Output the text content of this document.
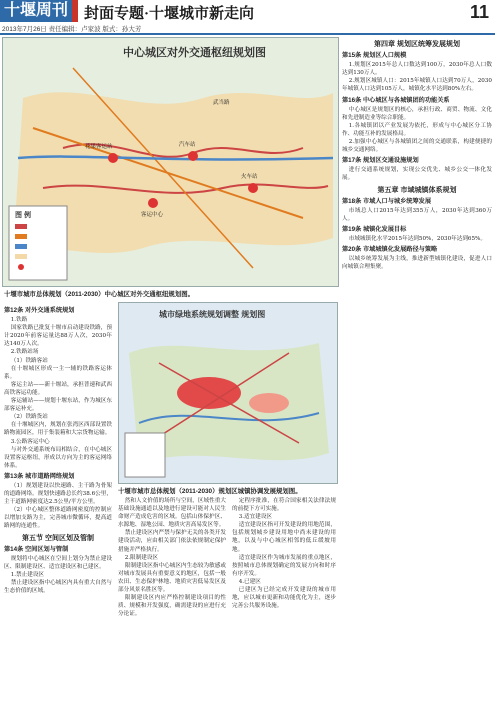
十堰周刊 封面专题·十堰城市新走向	11
2013年7月26日 责任编辑：卢家波 版式：孙大芳
中心城区对外交通枢纽规划图
图 例
花果客运站	汽车站
火车站
客运中心
武当路
十堰市城市总体规划（2011-2030）中心城区对外交通枢纽规划图。
城市绿地系统规划调整 规划图
十堰市城市总体规划（2011-2030）规划区城镇协调发展规划图。
第12条 对外交通系统规划

1.铁路

国家铁路已批复十堰市启动建设铁路，预计2020年前客运量达88万人次，2030年达140万人次。

2.铁路站场

（1）铁路客站

在十堰城区形成一主一辅的铁路客运体系。

客运主站——新十堰站，承担普速和武西高铁客运功能。

客运辅站——规划十堰东站，作为城区东部客运补充。

（2）铁路货站

在十堰城区内，规划在张湾区西部设置铁路物流园区，用于集装箱和大宗货物运输。

3.公路客运中心

与对外交通系统布局相结合，在中心城区设置客运枢纽，形成以方向为主的客运网络体系。

第13条 城市道路网络规划

（1）规划建设以快速路、主干路为骨架的道路网络。规划快速路总长约38.6公里，主干道路网密度达2.5公里/平方公里。

（2）中心城区整体道路网密度的控制应以增加支路为主，完善城市微循环，提高道路网的连通性。

第五节 空间区划及管制
第14条 空间区划与管制

规划将中心城区在空间上划分为禁止建设区、限制建设区、适宜建设区和已建区。

1.禁止建设区

禁止建设区指中心城区内具有重大自然与生态价值的区域。

然和人文价值的场所与空间，区域性重大基础设施通道以及地进行建设可能对人民生命财产造成危害的区域。包括山体保护区、水源地、湿地公园、地质灾害高易发区等。

禁止建设区内严禁与保护无关的各类开发建设活动，应由相关部门依法依规制定保护措施并严格执行。

2.限制建设区

限制建设区指中心城区内生态较为敏感或对城市发展具有重要意义的地区，包括一般农田、生态保护林地、地质灾害低易发区及部分风景名胜区等。

限制建设区内应严格控制建设项目的性质、规模和开发强度，确需建设的应进行充分论证。

定程序批准，在符合国家相关法律法规的前提下方可实施。

3.适宜建设区

适宜建设区指可开发建设的用地范围，包括规划城乡建设用地中尚未建设的用地，以及与中心城区相邻的低丘缓坡用地。

适宜建设区作为城市发展的重点地区，按照城市总体规划确定的发展方向和时序有序开发。

4.已建区

已建区为已经完成开发建设的城市用地，应以城市更新和功能优化为主，逐步完善公共服务设施。

第四章 规划区统筹发展规划
第15条 规划区人口规模

1.规划区2015年总人口数达到100万，2030年总人口数达到130万人。

2.规划区城镇人口：2015年城镇人口达到70万人，2030年城镇人口达到105万人，城镇化水平达到80%左右。

第16条 中心城区与各城镇团的功能关系

中心城区是规划区的核心，承担行政、商贸、物流、文化和先进制造业等综合职能。

1.各城镇团以产业发展为依托，形成与中心城区分工协作、功能互补的发展格局。

2.加强中心城区与各城镇团之间的交通联系，构建便捷的城乡交通网络。

第17条 规划区交通设施规划

进行交通系统规划，实现公交优先、城乡公交一体化发展。

第五章 市域城镇体系规划
第18条 市域人口与城乡统筹发展

市域总人口2015年达到355万人，2030年达到360万人。

第19条 城镇化发展目标

市域城镇化水平2015年达到50%，2030年达到65%。

第20条 市域城镇化发展路径与策略

以城乡统筹发展为主线，推进新型城镇化建设，促进人口向城镇合理集聚。
